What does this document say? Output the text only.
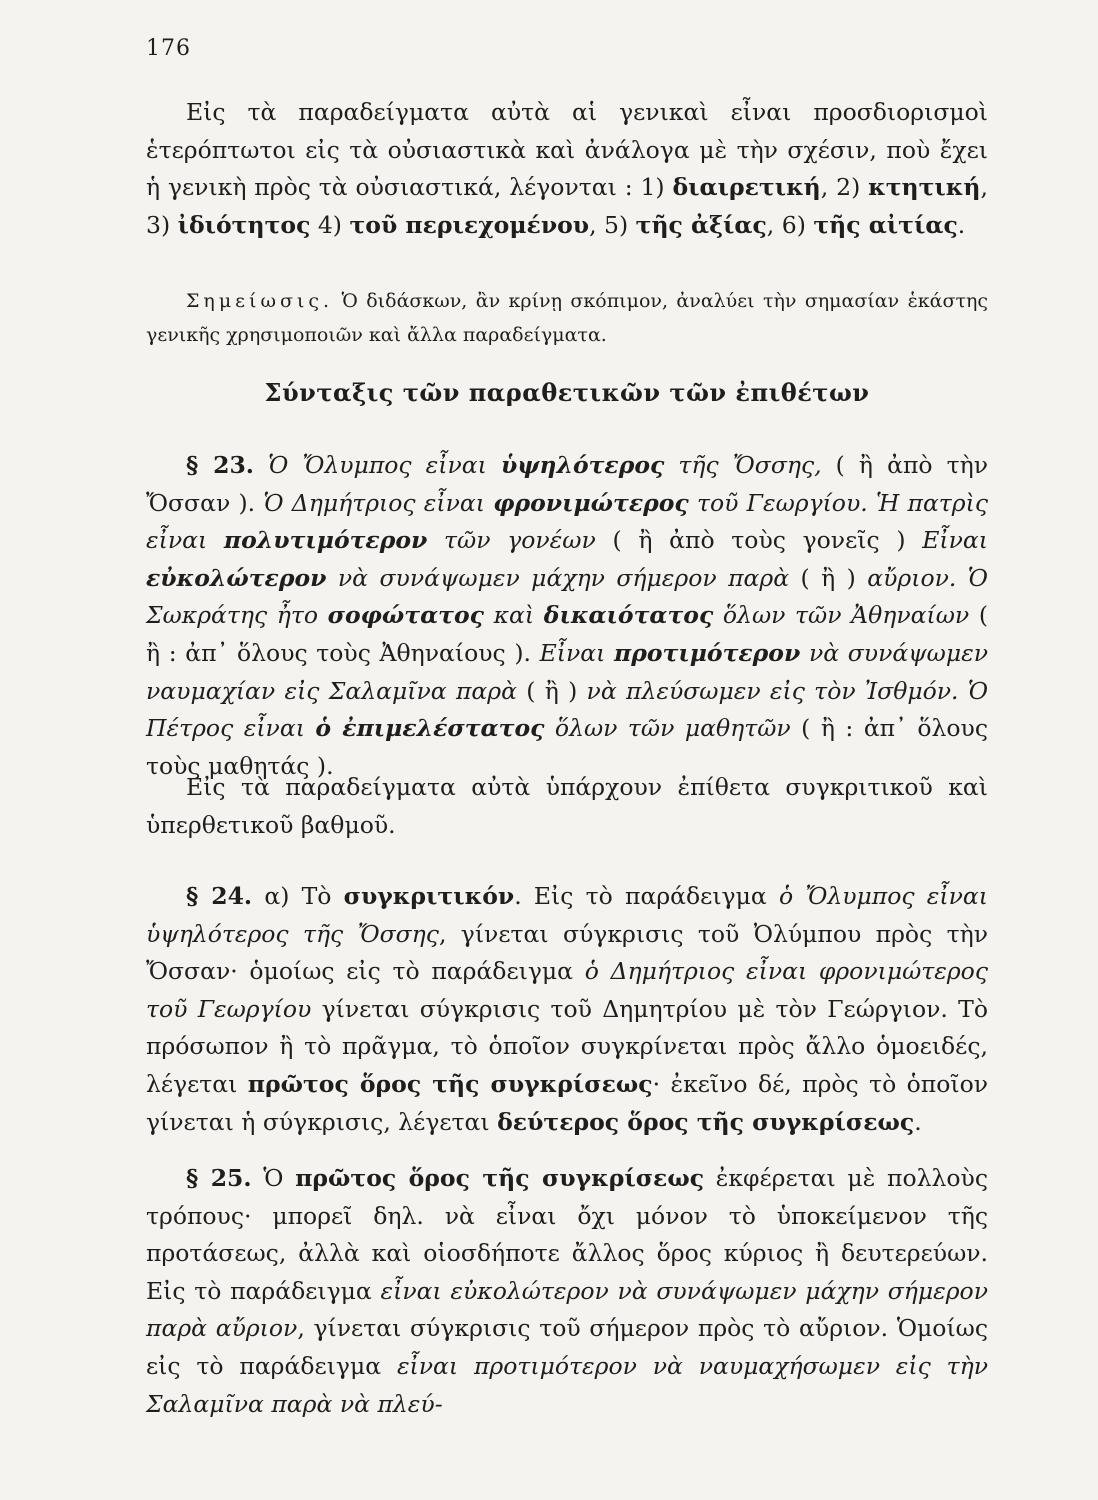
176

Εἰς τὰ παραδείγματα αὐτὰ αἱ γενικαὶ εἶναι προσδιορισμοὶ ἑτερόπτωτοι εἰς τὰ οὐσιαστικὰ καὶ ἀνάλογα μὲ τὴν σχέσιν, ποὺ ἔχει ἡ γενικὴ πρὸς τὰ οὐσιαστικά, λέγονται : 1) διαιρετική, 2) κτητική, 3) ἰδιότητος 4) τοῦ περιεχομένου, 5) τῆς ἀξίας, 6) τῆς αἰτίας.

Σημείωσις. Ὁ διδάσκων, ἂν κρίνῃ σκόπιμον, ἀναλύει τὴν σημασίαν ἑκάστης γενικῆς χρησιμοποιῶν καὶ ἄλλα παραδείγματα.

Σύνταξις τῶν παραθετικῶν τῶν ἐπιθέτων

§ 23. Ὁ Ὄλυμπος εἶναι ὑψηλότερος τῆς Ὄσσης, ( ἢ ἀπὸ τὴν Ὄσσαν ). Ὁ Δημήτριος εἶναι φρονιμώτερος τοῦ Γεωργίου. Ἡ πατρὶς εἶναι πολυτιμότερον τῶν γονέων ( ἢ ἀπὸ τοὺς γονεῖς ) Εἶναι εὐκολώτερον νὰ συνάψωμεν μάχην σήμερον παρὰ ( ἢ ) αὔριον. Ὁ Σωκράτης ἦτο σοφώτατος καὶ δικαιότατος ὅλων τῶν Ἀθηναίων ( ἢ : ἀπ᾽ ὅλους τοὺς Ἀθηναίους ). Εἶναι προτιμότερον νὰ συνάψωμεν ναυμαχίαν εἰς Σαλαμῖνα παρὰ ( ἢ ) νὰ πλεύσωμεν εἰς τὸν Ἰσθμόν. Ὁ Πέτρος εἶναι ὁ ἐπιμελέστατος ὅλων τῶν μαθητῶν ( ἢ : ἀπ᾽ ὅλους τοὺς μαθητάς ).

Εἰς τὰ παραδείγματα αὐτὰ ὑπάρχουν ἐπίθετα συγκριτικοῦ καὶ ὑπερθετικοῦ βαθμοῦ.

§ 24. α) Τὸ συγκριτικόν. Εἰς τὸ παράδειγμα ὁ Ὄλυμπος εἶναι ὑψηλότερος τῆς Ὄσσης, γίνεται σύγκρισις τοῦ Ὀλύμπου πρὸς τὴν Ὄσσαν· ὁμοίως εἰς τὸ παράδειγμα ὁ Δημήτριος εἶναι φρονιμώτερος τοῦ Γεωργίου γίνεται σύγκρισις τοῦ Δημητρίου μὲ τὸν Γεώργιον. Τὸ πρόσωπον ἢ τὸ πρᾶγμα, τὸ ὁποῖον συγκρίνεται πρὸς ἄλλο ὁμοειδές, λέγεται πρῶτος ὅρος τῆς συγκρίσεως· ἐκεῖνο δέ, πρὸς τὸ ὁποῖον γίνεται ἡ σύγκρισις, λέγεται δεύτερος ὅρος τῆς συγκρίσεως.

§ 25. Ὁ πρῶτος ὅρος τῆς συγκρίσεως ἐκφέρεται μὲ πολλοὺς τρόπους· μπορεῖ δηλ. νὰ εἶναι ὄχι μόνον τὸ ὑποκείμενον τῆς προτάσεως, ἀλλὰ καὶ οἱοσδήποτε ἄλλος ὅρος κύριος ἢ δευτερεύων. Εἰς τὸ παράδειγμα εἶναι εὐκολώτερον νὰ συνάψωμεν μάχην σήμερον παρὰ αὔριον, γίνεται σύγκρισις τοῦ σήμερον πρὸς τὸ αὔριον. Ὁμοίως εἰς τὸ παράδειγμα εἶναι προτιμότερον νὰ ναυμαχήσωμεν εἰς τὴν Σαλαμῖνα παρὰ νὰ πλεύ-
